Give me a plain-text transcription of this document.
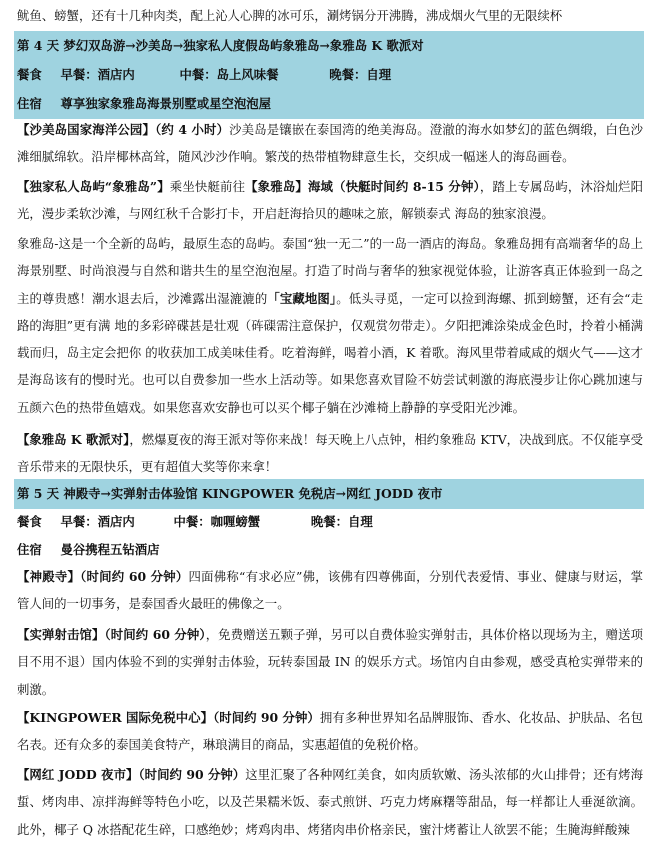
鱿鱼、螃蟹，还有十几种肉类，配上沁人心脾的冰可乐，涮烤锅分开沸腾，沸成烟火气里的无限续杯

第 4 天 梦幻双岛游→沙美岛→独家私人度假岛屿象雅岛→象雅岛 K 歌派对
餐食 早餐：酒店内	中餐：岛上风味餐	晚餐：自理
住宿 尊享独家象雅岛海景别墅或星空泡泡屋

【沙美岛国家海洋公园】（约 4 小时）沙美岛是镶嵌在泰国湾的绝美海岛。澄澈的海水如梦幻的蓝色绸缎，白色沙滩细腻绵软。沿岸椰林高耸，随风沙沙作响。繁茂的热带植物肆意生长，交织成一幅迷人的海岛画卷。

【独家私人岛屿“象雅岛”】乘坐快艇前往【象雅岛】海域（快艇时间约 8-15 分钟），踏上专属岛屿，沐浴灿烂阳光，漫步柔软沙滩，与网红秋千合影打卡，开启赶海拾贝的趣味之旅，解锁泰式 海岛的独家浪漫。

象雅岛-这是一个全新的岛屿，最原生态的岛屿。泰国“独一无二”的一岛一酒店的海岛。象雅岛拥有高端奢华的岛上海景别墅、时尚浪漫与自然和谐共生的星空泡泡屋。打造了时尚与奢华的独家视觉体验，让游客真正体验到一岛之主的尊贵感！潮水退去后，沙滩露出湿漉漉的「宝藏地图」。低头寻觅，一定可以捡到海螺、抓到螃蟹，还有会“走路的海胆”更有满 地的多彩碎碟甚是壮观（砗磲需注意保护，仅观赏勿带走）。夕阳把滩涂染成金色时，拎着小桶满载而归，岛主定会把你 的收获加工成美味佳肴。吃着海鲜，喝着小酒，K 着歌。海风里带着咸咸的烟火气——这才是海岛该有的慢时光。也可以自费参加一些水上活动等。如果您喜欢冒险不妨尝试刺激的海底漫步让你心跳加速与五颜六色的热带鱼嬉戏。如果您喜欢安静也可以买个椰子躺在沙滩椅上静静的享受阳光沙滩。

【象雅岛 K 歌派对】，燃爆夏夜的海王派对等你来战！每天晚上八点钟，相约象雅岛 KTV，决战到底。不仅能享受音乐带来的无限快乐，更有超值大奖等你来拿！

第 5 天 神殿寺→实弹射击体验馆 KINGPOWER 免税店→网红 JODD 夜市
餐食 早餐：酒店内	中餐：咖喱螃蟹	晚餐：自理
住宿 曼谷携程五钻酒店

【神殿寺】（时间约 60 分钟）四面佛称“有求必应”佛，该佛有四尊佛面，分别代表爱情、事业、健康与财运，掌管人间的一切事务，是泰国香火最旺的佛像之一。

【实弹射击馆】（时间约 60 分钟），免费赠送五颗子弹，另可以自费体验实弹射击，具体价格以现场为主，赠送项目不用不退）国内体验不到的实弹射击体验，玩转泰国最 IN 的娱乐方式。场馆内自由参观，感受真枪实弹带来的刺激。

【KINGPOWER 国际免税中心】（时间约 90 分钟）拥有多种世界知名品牌服饰、香水、化妆品、护肤品、名包名表。还有众多的泰国美食特产，琳琅满目的商品，实惠超值的免税价格。

【网红 JODD 夜市】（时间约 90 分钟）这里汇聚了各种网红美食，如肉质软嫩、汤头浓郁的火山排骨；还有烤海蜇、烤肉串、凉拌海鲜等特色小吃，以及芒果糯米饭、泰式煎饼、巧克力烤麻糬等甜品，每一样都让人垂涎欲滴。此外，椰子 Q 冰搭配花生碎，口感绝妙；烤鸡肉串、烤猪肉串价格亲民，蜜汁烤蓄让人欲罢不能；生腌海鲜酸辣
